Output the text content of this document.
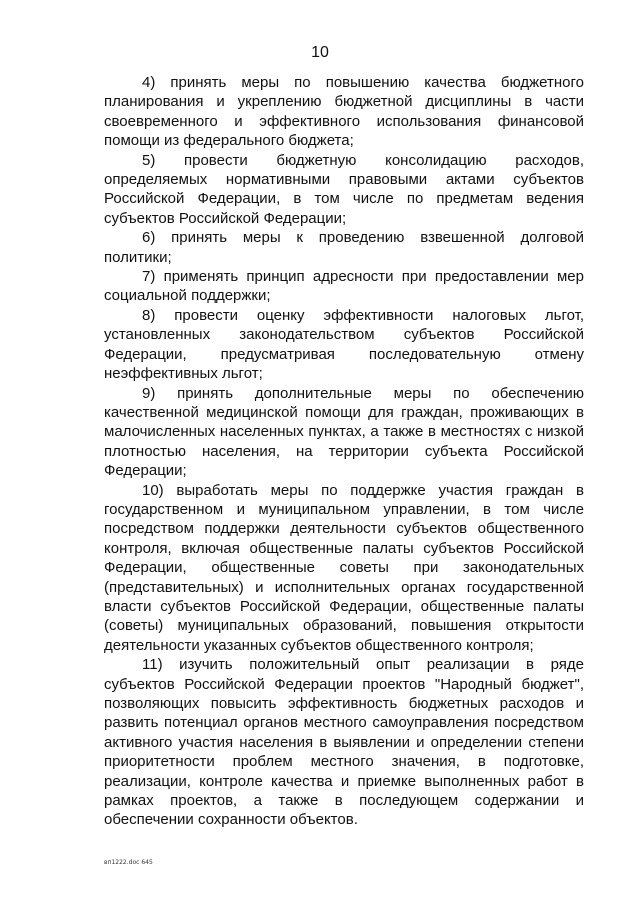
10

4) принять меры по повышению качества бюджетного планирования и укреплению бюджетной дисциплины в части своевременного и эффективного использования финансовой помощи из федерального бюджета;

5) провести бюджетную консолидацию расходов, определяемых нормативными правовыми актами субъектов Российской Федерации, в том числе по предметам ведения субъектов Российской Федерации;

6) принять меры к проведению взвешенной долговой политики;

7) применять принцип адресности при предоставлении мер социальной поддержки;

8) провести оценку эффективности налоговых льгот, установленных законодательством субъектов Российской Федерации, предусматривая последовательную отмену неэффективных льгот;

9) принять дополнительные меры по обеспечению качественной медицинской помощи для граждан, проживающих в малочисленных населенных пунктах, а также в местностях с низкой плотностью населения, на территории субъекта Российской Федерации;

10) выработать меры по поддержке участия граждан в государственном и муниципальном управлении, в том числе посредством поддержки деятельности субъектов общественного контроля, включая общественные палаты субъектов Российской Федерации, общественные советы при законодательных (представительных) и исполнительных органах государственной власти субъектов Российской Федерации, общественные палаты (советы) муниципальных образований, повышения открытости деятельности указанных субъектов общественного контроля;

11) изучить положительный опыт реализации в ряде субъектов Российской Федерации проектов "Народный бюджет", позволяющих повысить эффективность бюджетных расходов и развить потенциал органов местного самоуправления посредством активного участия населения в выявлении и определении степени приоритетности проблем местного значения, в подготовке, реализации, контроле качества и приемке выполненных работ в рамках проектов, а также в последующем содержании и обеспечении сохранности объектов.

вп1222.doc 645
